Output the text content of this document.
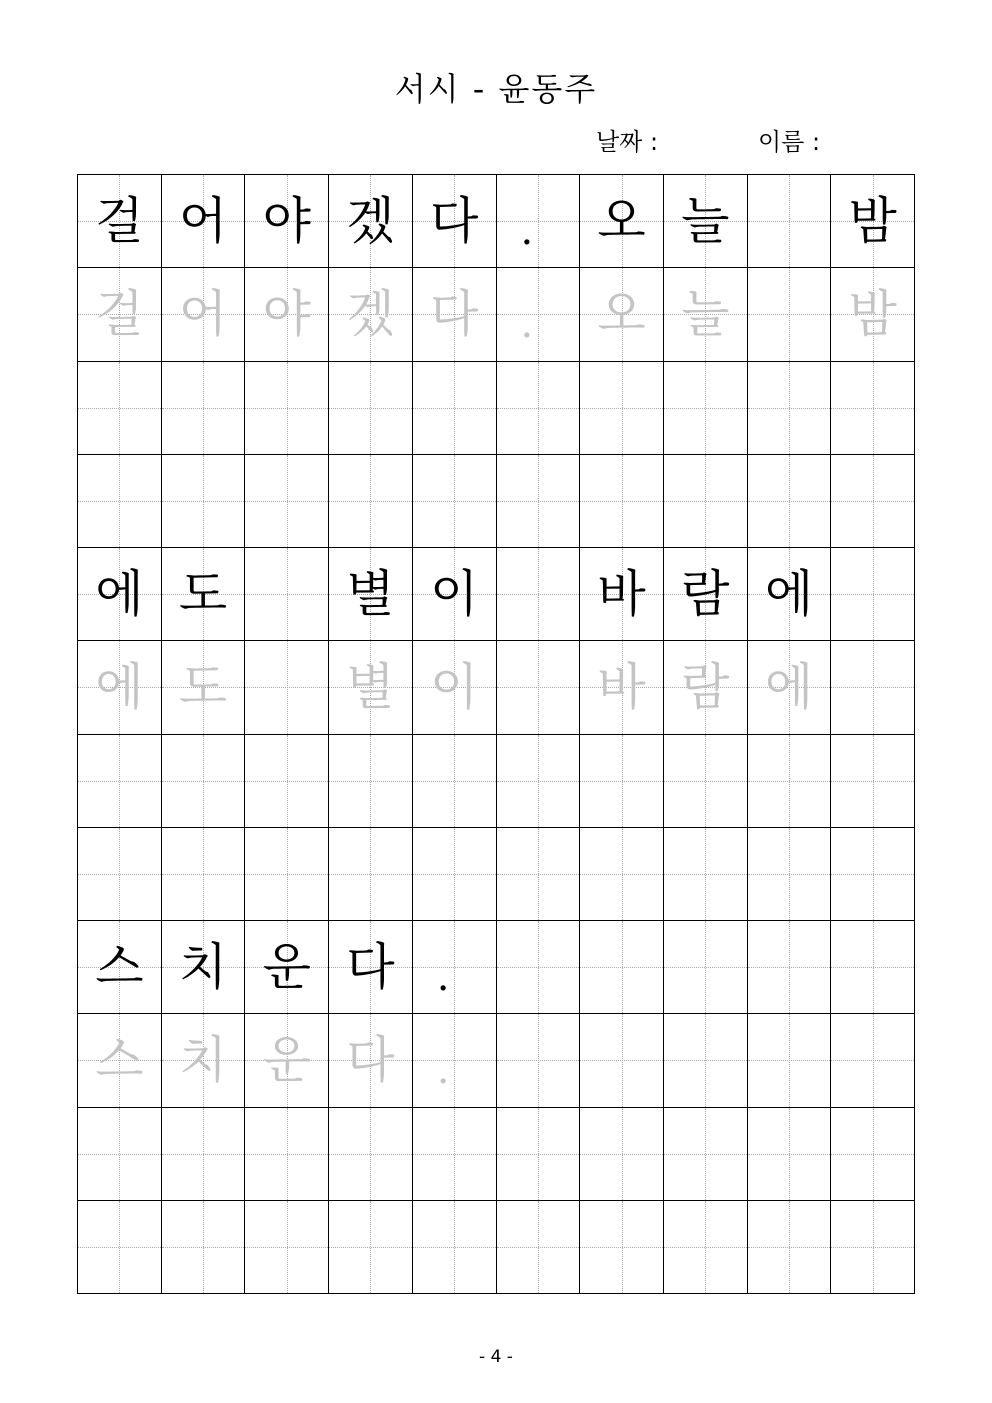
서시 - 윤동주
날짜 :	이름 :
걸 어 야 겠 다 . 오 늘 밤
걸 어 야 겠 다 . 오 늘 밤
에 도 별 이 바 람 에
에 도 별 이 바 람 에
스 치 운 다 .
스 치 운 다 .
- 4 -
